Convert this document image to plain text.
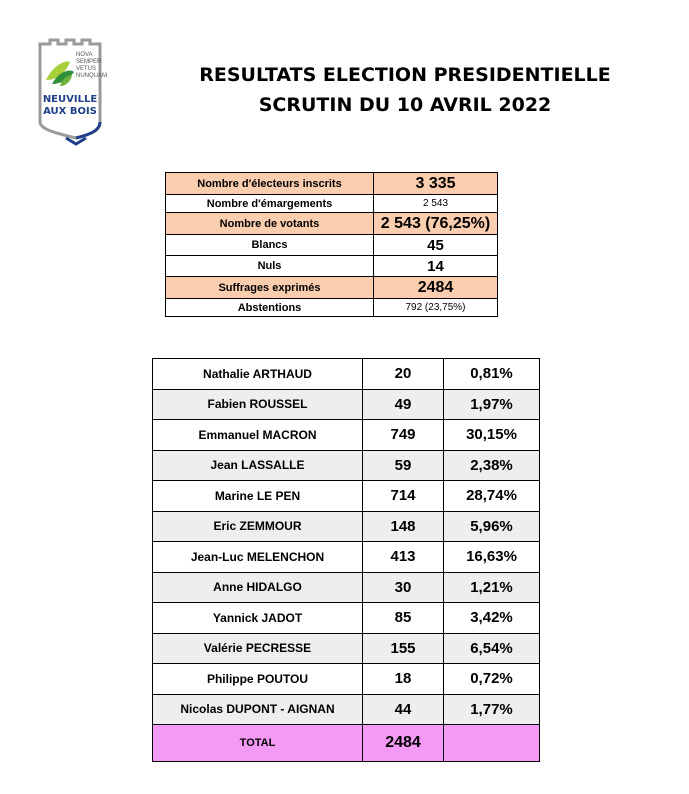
NOVA
SEMPER
VETUS
NUNQUAM
NEUVILLE
AUX BOIS
RESULTATS ELECTION PRESIDENTIELLE
SCRUTIN DU 10 AVRIL 2022
Nombre d'électeurs inscrits	3 335
Nombre d'émargements	2 543
Nombre de votants	2 543 (76,25%)
Blancs	45
Nuls	14
Suffrages exprimés	2484
Abstentions	792 (23,75%)
Nathalie ARTHAUD	20	0,81%
Fabien ROUSSEL	49	1,97%
Emmanuel MACRON	749	30,15%
Jean LASSALLE	59	2,38%
Marine LE PEN	714	28,74%
Eric ZEMMOUR	148	5,96%
Jean-Luc MELENCHON	413	16,63%
Anne HIDALGO	30	1,21%
Yannick JADOT	85	3,42%
Valérie PECRESSE	155	6,54%
Philippe POUTOU	18	0,72%
Nicolas DUPONT - AIGNAN	44	1,77%
TOTAL	2484	
